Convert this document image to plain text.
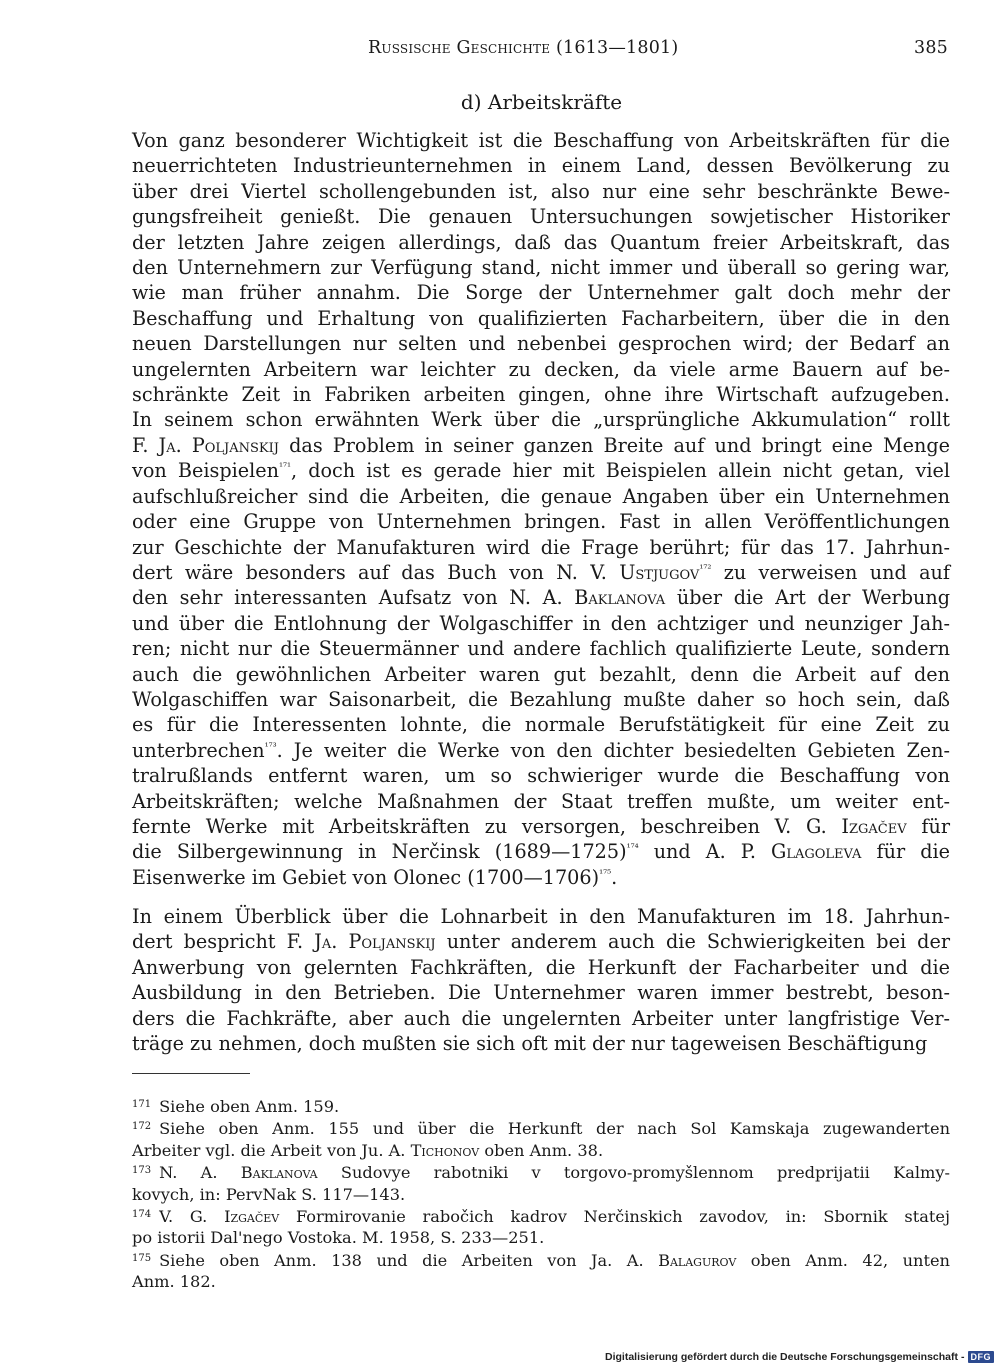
Russische Geschichte (1613—1801)	385
d) Arbeitskräfte
Von ganz besonderer Wichtigkeit ist die Beschaffung von Arbeitskräften für die
neuerrichteten Industrieunternehmen in einem Land, dessen Bevölkerung zu
über drei Viertel schollengebunden ist, also nur eine sehr beschränkte Bewe-
gungsfreiheit genießt. Die genauen Untersuchungen sowjetischer Historiker
der letzten Jahre zeigen allerdings, daß das Quantum freier Arbeitskraft, das
den Unternehmern zur Verfügung stand, nicht immer und überall so gering war,
wie man früher annahm. Die Sorge der Unternehmer galt doch mehr der
Beschaffung und Erhaltung von qualifizierten Facharbeitern, über die in den
neuen Darstellungen nur selten und nebenbei gesprochen wird; der Bedarf an
ungelernten Arbeitern war leichter zu decken, da viele arme Bauern auf be-
schränkte Zeit in Fabriken arbeiten gingen, ohne ihre Wirtschaft aufzugeben.
In seinem schon erwähnten Werk über die „ursprüngliche Akkumulation“ rollt
F. Ja. Poljanskij das Problem in seiner ganzen Breite auf und bringt eine Menge
von Beispielen$^{^{171}}$, doch ist es gerade hier mit Beispielen allein nicht getan, viel
aufschlußreicher sind die Arbeiten, die genaue Angaben über ein Unternehmen
oder eine Gruppe von Unternehmen bringen. Fast in allen Veröffentlichungen
zur Geschichte der Manufakturen wird die Frage berührt; für das 17. Jahrhun-
dert wäre besonders auf das Buch von N. V. Ustjugov$^{^{172}}$ zu verweisen und auf
den sehr interessanten Aufsatz von N. A. Baklanova über die Art der Werbung
und über die Entlohnung der Wolgaschiffer in den achtziger und neunziger Jah-
ren; nicht nur die Steuermänner und andere fachlich qualifizierte Leute, sondern
auch die gewöhnlichen Arbeiter waren gut bezahlt, denn die Arbeit auf den
Wolgaschiffen war Saisonarbeit, die Bezahlung mußte daher so hoch sein, daß
es für die Interessenten lohnte, die normale Berufstätigkeit für eine Zeit zu
unterbrechen$^{^{173}}$. Je weiter die Werke von den dichter besiedelten Gebieten Zen-
tralrußlands entfernt waren, um so schwieriger wurde die Beschaffung von
Arbeitskräften; welche Maßnahmen der Staat treffen mußte, um weiter ent-
fernte Werke mit Arbeitskräften zu versorgen, beschreiben V. G. Izgačev für
die Silbergewinnung in Nerčinsk (1689—1725)$^{^{174}}$ und A. P. Glagoleva für die
Eisenwerke im Gebiet von Olonec (1700—1706)$^{^{175}}$.
In einem Überblick über die Lohnarbeit in den Manufakturen im 18. Jahrhun-
dert bespricht F. Ja. Poljanskij unter anderem auch die Schwierigkeiten bei der
Anwerbung von gelernten Fachkräften, die Herkunft der Facharbeiter und die
Ausbildung in den Betrieben. Die Unternehmer waren immer bestrebt, beson-
ders die Fachkräfte, aber auch die ungelernten Arbeiter unter langfristige Ver-
träge zu nehmen, doch mußten sie sich oft mit der nur tageweisen Beschäftigung
$^{171}$ Siehe oben Anm. 159.
$^{172}$ Siehe oben Anm. 155 und über die Herkunft der nach Sol Kamskaja zugewanderten
Arbeiter vgl. die Arbeit von Ju. A. Tichonov oben Anm. 38.
$^{173}$ N. A. Baklanova Sudovye rabotniki v torgovo-promyšlennom predprijatii Kalmy-
kovych, in: PervNak S. 117—143.
$^{174}$ V. G. Izgačev Formirovanie rabočich kadrov Nerčinskich zavodov, in: Sbornik statej
po istorii Dal'nego Vostoka. M. 1958, S. 233—251.
$^{175}$ Siehe oben Anm. 138 und die Arbeiten von Ja. A. Balagurov oben Anm. 42, unten
Anm. 182.
Digitalisierung gefördert durch die Deutsche Forschungsgemeinschaft - DFG
